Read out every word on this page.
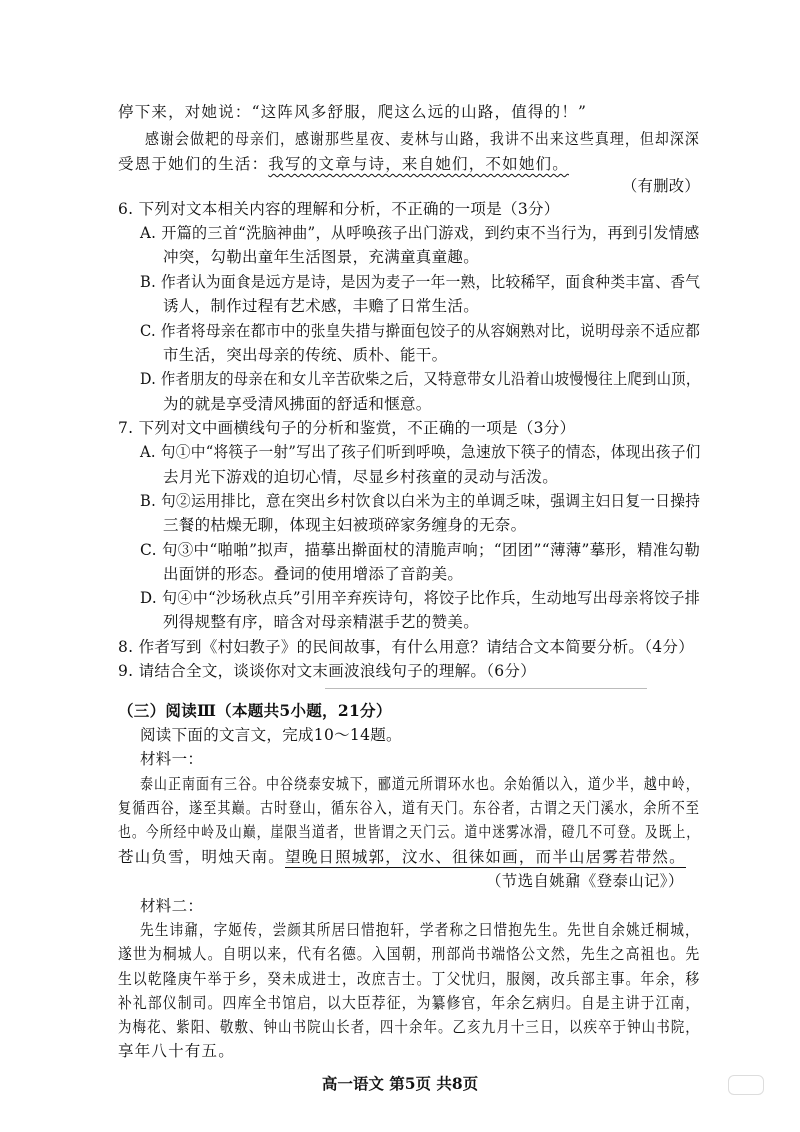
停下来，对她说：“这阵风多舒服，爬这么远的山路，值得的！”
感谢会做耙的母亲们，感谢那些星夜、麦林与山路，我讲不出来这些真理，但却深深
受恩于她们的生活：我写的文章与诗，来自她们，不如她们。
（有删改）
6. 下列对文本相关内容的理解和分析，不正确的一项是（3分）
A. 开篇的三首“洗脑神曲”，从呼唤孩子出门游戏，到约束不当行为，再到引发情感
冲突，勾勒出童年生活图景，充满童真童趣。
B. 作者认为面食是远方是诗，是因为麦子一年一熟，比较稀罕，面食种类丰富、香气
诱人，制作过程有艺术感，丰赡了日常生活。
C. 作者将母亲在都市中的张皇失措与擀面包饺子的从容娴熟对比，说明母亲不适应都
市生活，突出母亲的传统、质朴、能干。
D. 作者朋友的母亲在和女儿辛苦砍柴之后，又特意带女儿沿着山坡慢慢往上爬到山顶，
为的就是享受清风拂面的舒适和惬意。
7. 下列对文中画横线句子的分析和鉴赏，不正确的一项是（3分）
A. 句①中“将筷子一射”写出了孩子们听到呼唤，急速放下筷子的情态，体现出孩子们
去月光下游戏的迫切心情，尽显乡村孩童的灵动与活泼。
B. 句②运用排比，意在突出乡村饮食以白米为主的单调乏味，强调主妇日复一日操持
三餐的枯燥无聊，体现主妇被琐碎家务缠身的无奈。
C. 句③中“啪啪”拟声，描摹出擀面杖的清脆声响；“团团”“薄薄”摹形，精准勾勒
出面饼的形态。叠词的使用增添了音韵美。
D. 句④中“沙场秋点兵”引用辛弃疾诗句，将饺子比作兵，生动地写出母亲将饺子排
列得规整有序，暗含对母亲精湛手艺的赞美。
8. 作者写到《村妇教子》的民间故事，有什么用意？请结合文本简要分析。（4分）
9. 请结合全文，谈谈你对文末画波浪线句子的理解。（6分）
（三）阅读Ⅲ（本题共5小题，21分）
阅读下面的文言文，完成10～14题。
材料一：
泰山正南面有三谷。中谷绕泰安城下，郦道元所谓环水也。余始循以入，道少半，越中岭，
复循西谷，遂至其巅。古时登山，循东谷入，道有天门。东谷者，古谓之天门溪水，余所不至
也。今所经中岭及山巅，崖限当道者，世皆谓之天门云。道中迷雾冰滑，磴几不可登。及既上，
苍山负雪，明烛天南。望晚日照城郭，汶水、徂徕如画，而半山居雾若带然。
（节选自姚鼐《登泰山记》）
材料二：
先生讳鼐，字姬传，尝颜其所居曰惜抱轩，学者称之曰惜抱先生。先世自余姚迁桐城，
遂世为桐城人。自明以来，代有名德。入国朝，刑部尚书端恪公文然，先生之高祖也。先
生以乾隆庚午举于乡，癸未成进士，改庶吉士。丁父忧归，服阕，改兵部主事。年余，移
补礼部仪制司。四库全书馆启，以大臣荐征，为纂修官，年余乞病归。自是主讲于江南，
为梅花、紫阳、敬敷、钟山书院山长者，四十余年。乙亥九月十三日，以疾卒于钟山书院，
享年八十有五。
高一语文 第5页 共8页
